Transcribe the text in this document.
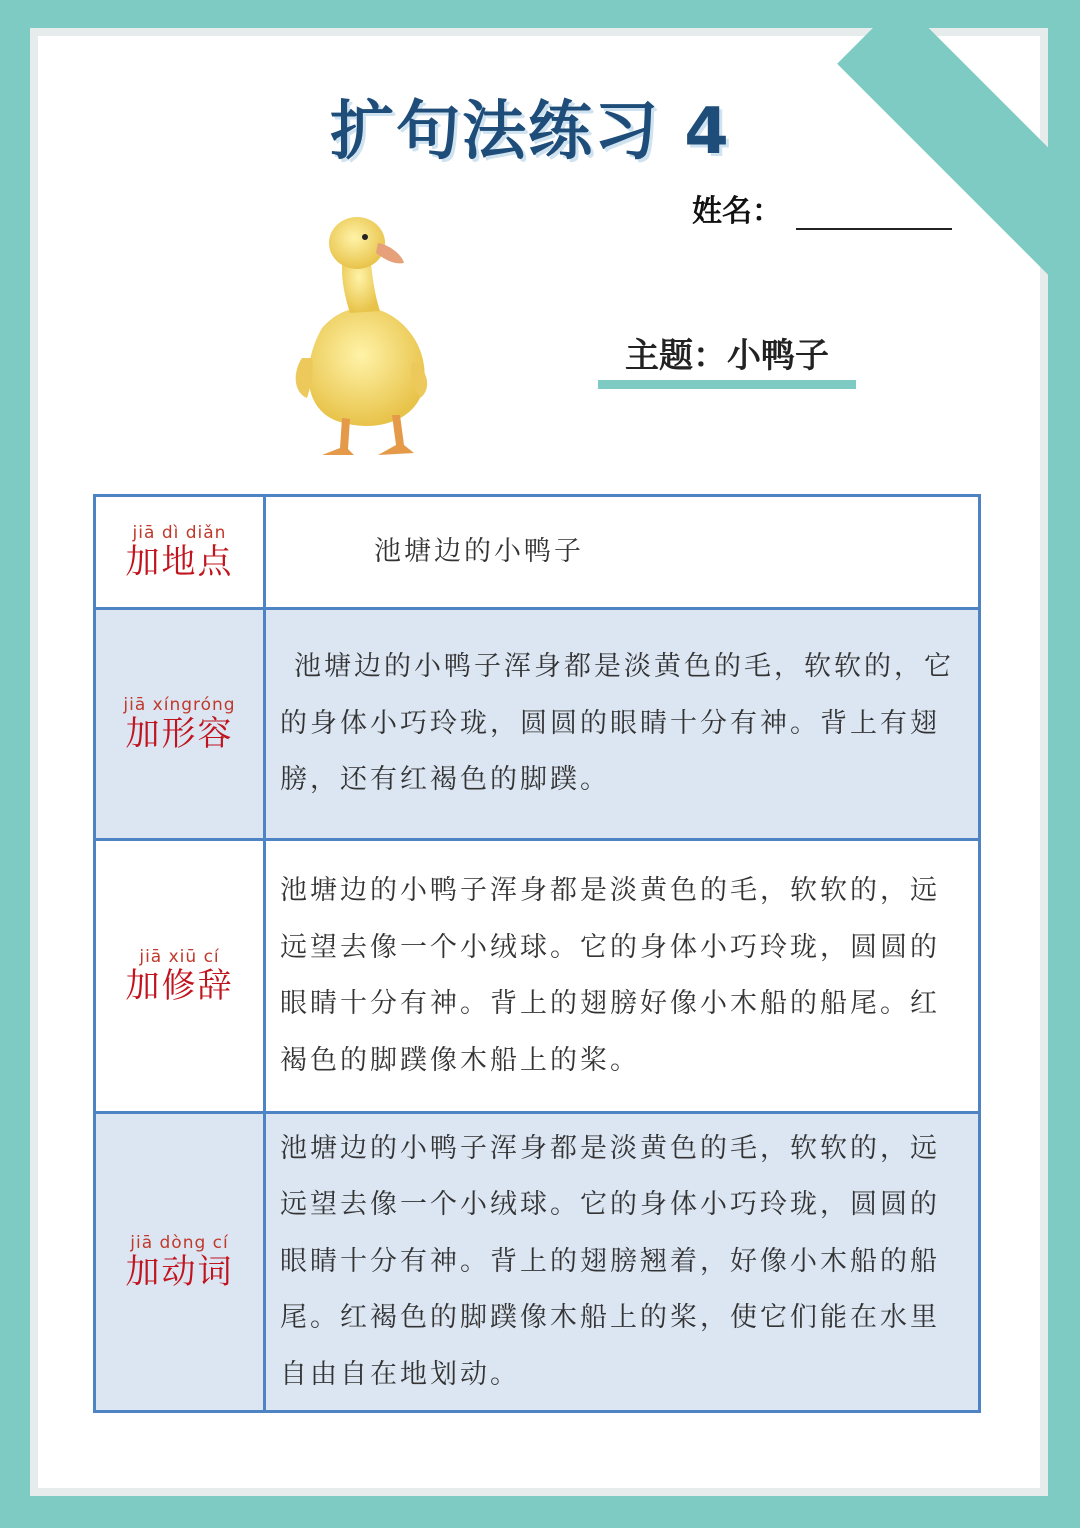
扩句法练习 4
姓名：
主题：小鸭子
jiā dì diǎn
加地点	池塘边的小鸭子

jiā xíngróng
加形容

池塘边的小鸭子浑身都是淡黄色的毛，软软的，它的身体小巧玲珑，圆圆的眼睛十分有神。背上有翅膀，还有红褐色的脚蹼。

jiā xiū cí
加修辞

池塘边的小鸭子浑身都是淡黄色的毛，软软的，远远望去像一个小绒球。它的身体小巧玲珑，圆圆的眼睛十分有神。背上的翅膀好像小木船的船尾。红褐色的脚蹼像木船上的桨。

jiā dòng cí
加动词

池塘边的小鸭子浑身都是淡黄色的毛，软软的，远远望去像一个小绒球。它的身体小巧玲珑，圆圆的眼睛十分有神。背上的翅膀翘着，好像小木船的船尾。红褐色的脚蹼像木船上的桨，使它们能在水里自由自在地划动。
